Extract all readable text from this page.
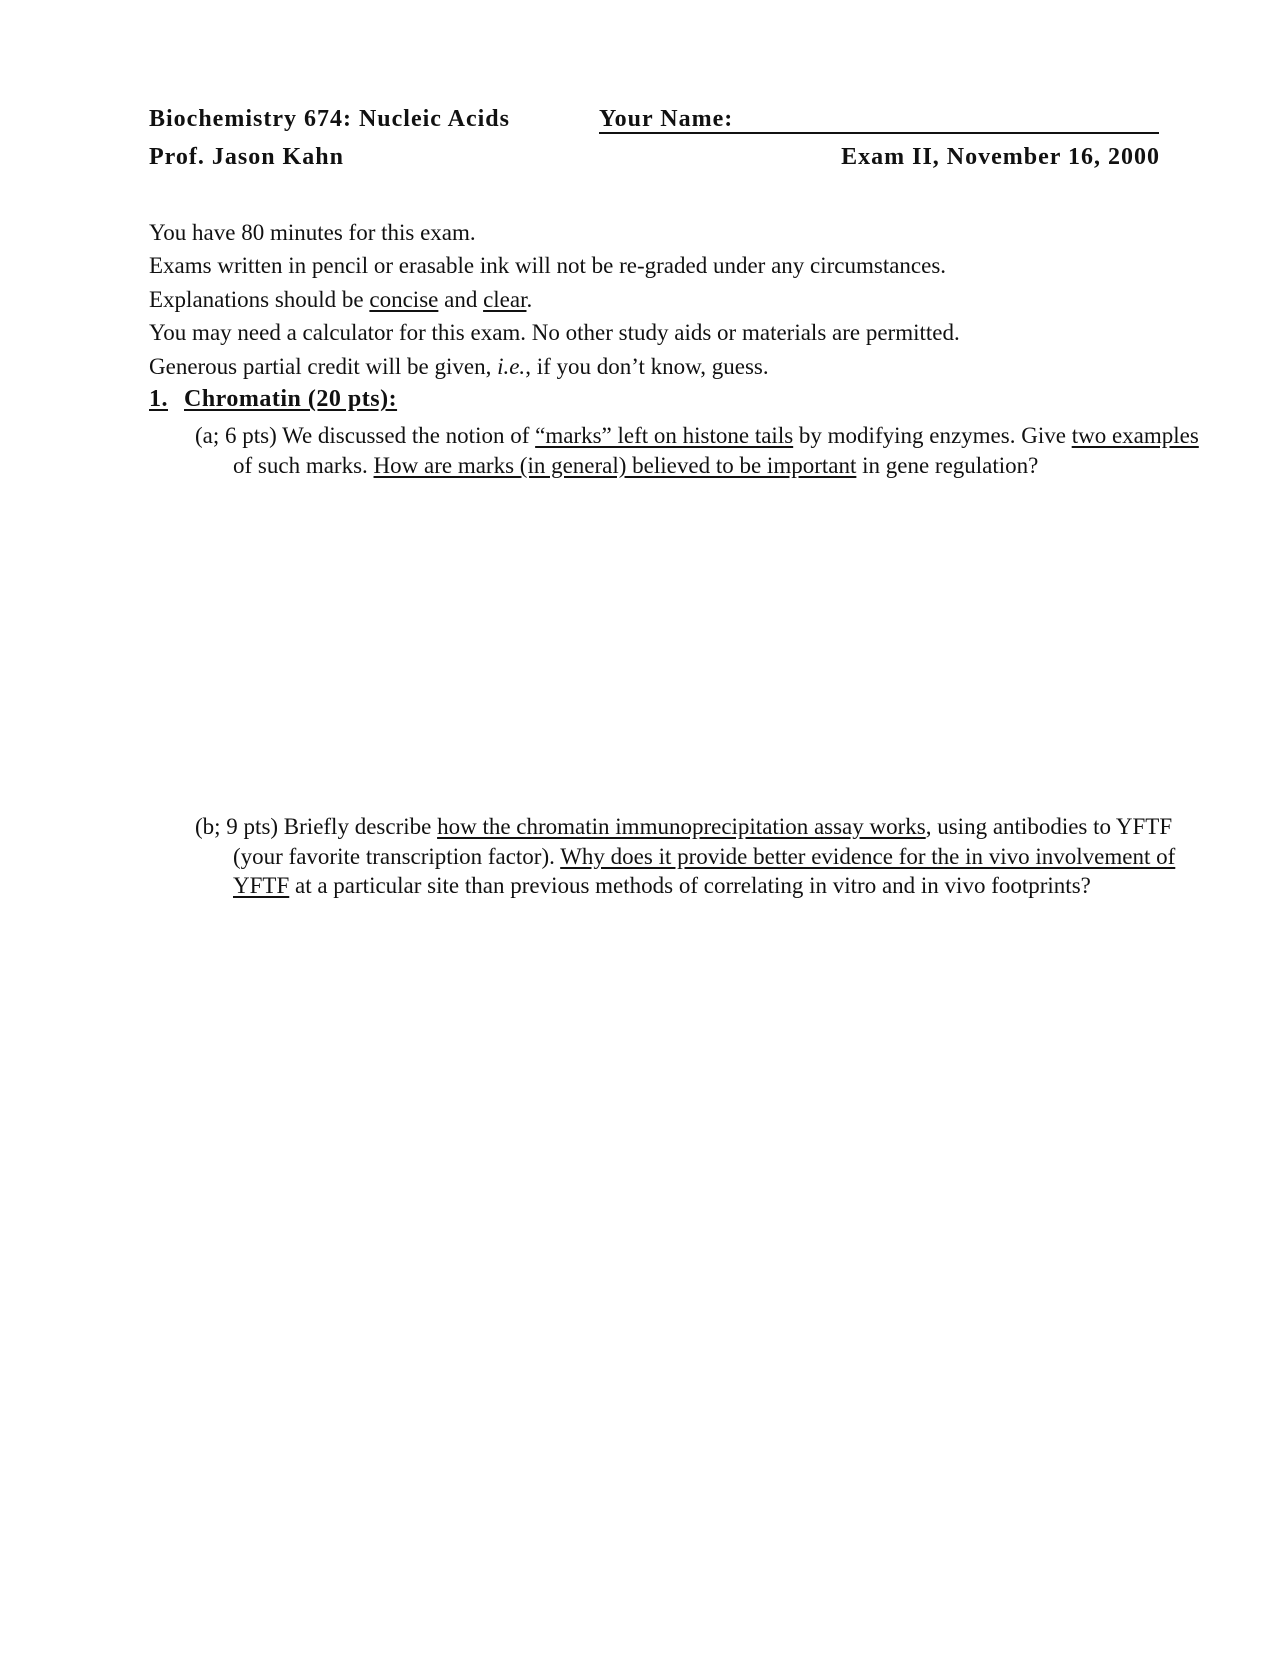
Biochemistry 674: Nucleic Acids	Your Name:
Prof. Jason Kahn	Exam II, November 16, 2000
You have 80 minutes for this exam.
Exams written in pencil or erasable ink will not be re-graded under any circumstances.
Explanations should be concise and clear.
You may need a calculator for this exam. No other study aids or materials are permitted.
Generous partial credit will be given, i.e., if you don’t know, guess.
1. Chromatin (20 pts):
(a; 6 pts) We discussed the notion of “marks” left on histone tails by modifying enzymes. Give two examples of such marks. How are marks (in general) believed to be important in gene regulation?
(b; 9 pts) Briefly describe how the chromatin immunoprecipitation assay works, using antibodies to YFTF (your favorite transcription factor). Why does it provide better evidence for the in vivo involvement of YFTF at a particular site than previous methods of correlating in vitro and in vivo footprints?
